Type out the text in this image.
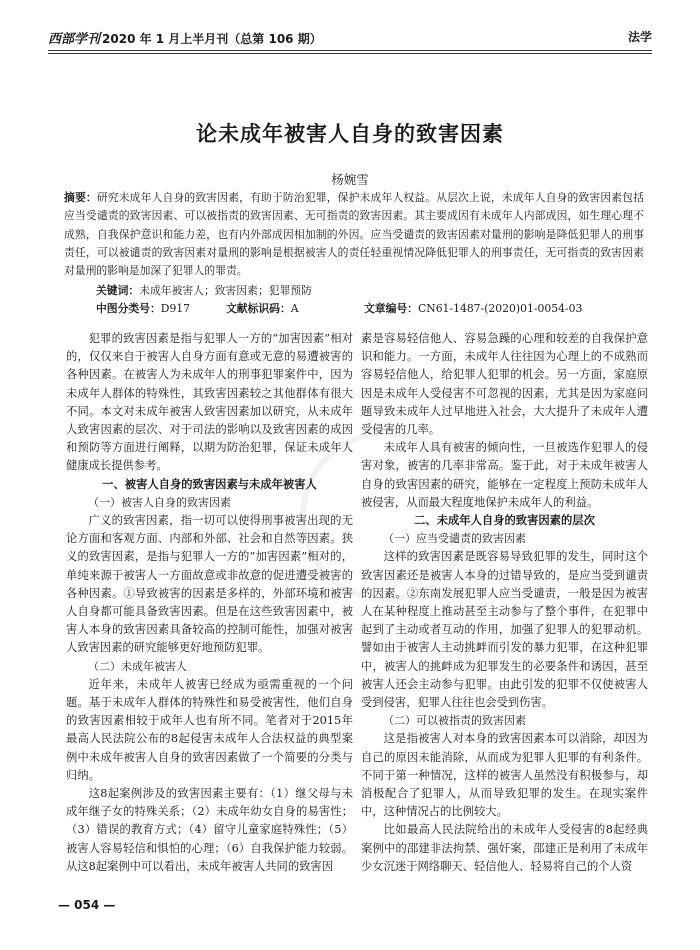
西部学刊 2020 年 1 月上半月刊（总第 106 期）	法学
论未成年被害人自身的致害因素
杨婉雪
摘要：研究未成年人自身的致害因素，有助于防治犯罪，保护未成年人权益。从层次上说，未成年人自身的致害因素包括应当受谴责的致害因素、可以被指责的致害因素、无可指责的致害因素。其主要成因有未成年人内部成因，如生理心理不成熟，自我保护意识和能力差，也有内外部成因相加制的外因。应当受谴责的致害因素对量刑的影响是降低犯罪人的刑事责任，可以被谴责的致害因素对量刑的影响是根据被害人的责任轻重视情况降低犯罪人的刑事责任，无可指责的致害因素对量刑的影响是加深了犯罪人的罪责。
关键词：未成年被害人；致害因素；犯罪预防
中图分类号：D917	文献标识码：A	文章编号：CN61-1487-(2020)01-0054-03

犯罪的致害因素是指与犯罪人一方的“加害因素”相对的，仅仅来自于被害人自身方面有意或无意的易遭被害的各种因素。在被害人为未成年人的刑事犯罪案件中，因为未成年人群体的特殊性，其致害因素较之其他群体有很大不同。本文对未成年被害人致害因素加以研究，从未成年人致害因素的层次、对于司法的影响以及致害因素的成因和预防等方面进行阐释，以期为防治犯罪，保证未成年人健康成长提供参考。

一、被害人自身的致害因素与未成年被害人
（一）被害人自身的致害因素

广义的致害因素，指一切可以使得刑事被害出现的无论方面和客观方面、内部和外部、社会和自然等因素。狭义的致害因素，是指与犯罪人一方的“加害因素”相对的，单纯来源于被害人一方面故意或非故意的促进遭受被害的各种因素。①导致被害的因素是多样的，外部环境和被害人自身都可能具备致害因素。但是在这些致害因素中，被害人本身的致害因素具备较高的控制可能性，加强对被害人致害因素的研究能够更好地预防犯罪。

（二）未成年被害人

近年来，未成年人被害已经成为亟需重视的一个问题。基于未成年人群体的特殊性和易受被害性，他们自身的致害因素相较于成年人也有所不同。笔者对于2015年最高人民法院公布的8起侵害未成年人合法权益的典型案例中未成年被害人自身的致害因素做了一个简要的分类与归纳。

这8起案例涉及的致害因素主要有：（1）继父母与未成年继子女的特殊关系；（2）未成年幼女自身的易害性；（3）错误的教育方式；（4）留守儿童家庭特殊性；（5）被害人容易轻信和惧怕的心理；（6）自我保护能力较弱。从这8起案例中可以看出，未成年被害人共同的致害因

素是容易轻信他人、容易急躁的心理和较差的自我保护意识和能力。一方面，未成年人往往因为心理上的不成熟而容易轻信他人，给犯罪人犯罪的机会。另一方面，家庭原因是未成年人受侵害不可忽视的因素，尤其是因为家庭问题导致未成年人过早地进入社会，大大提升了未成年人遭受侵害的几率。

未成年人具有被害的倾向性，一旦被选作犯罪人的侵害对象，被害的几率非常高。鉴于此，对于未成年被害人自身的致害因素的研究，能够在一定程度上预防未成年人被侵害，从而最大程度地保护未成年人的利益。

二、未成年人自身的致害因素的层次
（一）应当受谴责的致害因素

这样的致害因素是既容易导致犯罪的发生，同时这个致害因素还是被害人本身的过错导致的，是应当受到谴责的因素。②东南发展犯罪人应当受谴责，一般是因为被害人在某种程度上推动甚至主动参与了整个事件，在犯罪中起到了主动或者互动的作用，加强了犯罪人的犯罪动机。譬如由于被害人主动挑衅而引发的暴力犯罪，在这种犯罪中，被害人的挑衅成为犯罪发生的必要条件和诱因，甚至被害人还会主动参与犯罪。由此引发的犯罪不仅使被害人受到侵害，犯罪人往往也会受到伤害。

（二）可以被指责的致害因素

这是指被害人对本身的致害因素本可以消除，却因为自己的原因未能消除，从而成为犯罪人犯罪的有利条件。不同于第一种情况，这样的被害人虽然没有积极参与，却消极配合了犯罪人，从而导致犯罪的发生。在现实案件中，这种情况占的比例较大。

比如最高人民法院给出的未成年人受侵害的8起经典案例中的邵建非法拘禁、强奸案，邵建正是利用了未成年少女沉迷于网络聊天、轻信他人、轻易将自己的个人资

— 054 —
